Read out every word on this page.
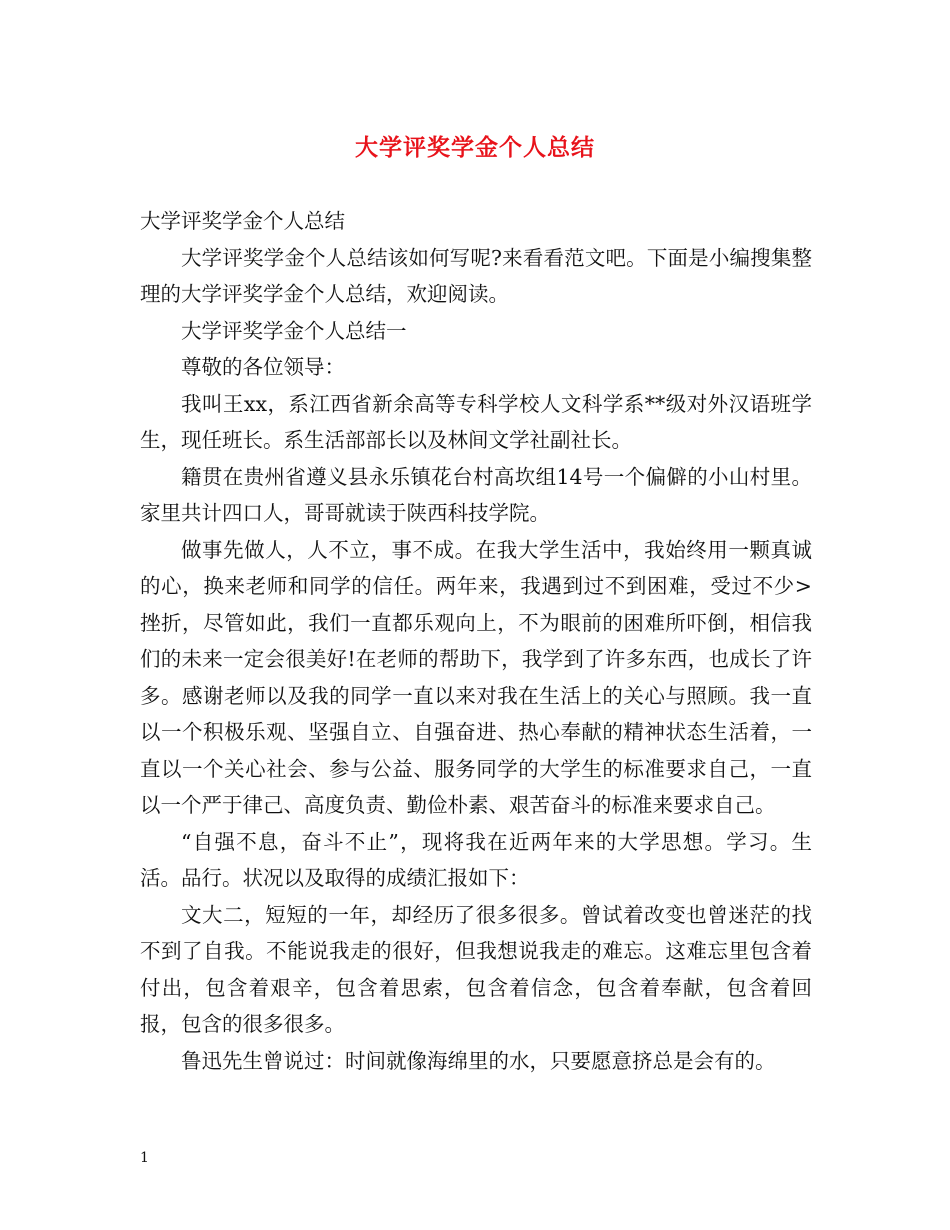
大学评奖学金个人总结

大学评奖学金个人总结

大学评奖学金个人总结该如何写呢?来看看范文吧。下面是小编搜集整理的大学评奖学金个人总结，欢迎阅读。

大学评奖学金个人总结一

尊敬的各位领导：

我叫王xx，系江西省新余高等专科学校人文科学系**级对外汉语班学生，现任班长。系生活部部长以及林间文学社副社长。

籍贯在贵州省遵义县永乐镇花台村高坎组14号一个偏僻的小山村里。家里共计四口人，哥哥就读于陕西科技学院。

做事先做人，人不立，事不成。在我大学生活中，我始终用一颗真诚的心，换来老师和同学的信任。两年来，我遇到过不到困难，受过不少>挫折，尽管如此，我们一直都乐观向上，不为眼前的困难所吓倒，相信我们的未来一定会很美好!在老师的帮助下，我学到了许多东西，也成长了许多。感谢老师以及我的同学一直以来对我在生活上的关心与照顾。我一直以一个积极乐观、坚强自立、自强奋进、热心奉献的精神状态生活着，一直以一个关心社会、参与公益、服务同学的大学生的标准要求自己，一直以一个严于律己、高度负责、勤俭朴素、艰苦奋斗的标准来要求自己。

“自强不息，奋斗不止”，现将我在近两年来的大学思想。学习。生活。品行。状况以及取得的成绩汇报如下：

文大二，短短的一年，却经历了很多很多。曾试着改变也曾迷茫的找不到了自我。不能说我走的很好，但我想说我走的难忘。这难忘里包含着付出，包含着艰辛，包含着思索，包含着信念，包含着奉献，包含着回报，包含的很多很多。

鲁迅先生曾说过：时间就像海绵里的水，只要愿意挤总是会有的。

1
